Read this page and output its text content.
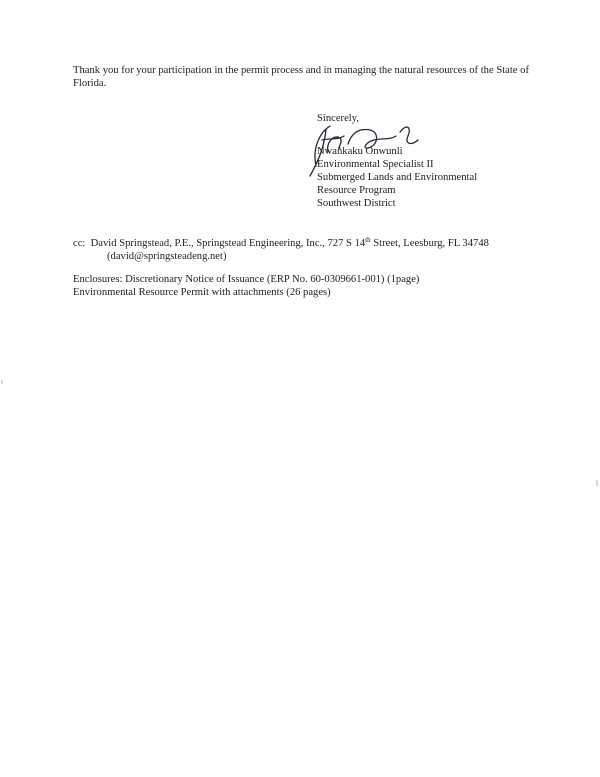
Thank you for your participation in the permit process and in managing the natural resources of the State of Florida.

Sincerely,
Nwankaku Onwunli
Environmental Specialist II
Submerged Lands and Environmental
Resource Program
Southwest District
cc: David Springstead, P.E., Springstead Engineering, Inc., 727 S 14th Street, Leesburg, FL 34748
(david@springsteadeng.net)
Enclosures: Discretionary Notice of Issuance (ERP No. 60-0309661-001) (1page)
Environmental Resource Permit with attachments (26 pages)
